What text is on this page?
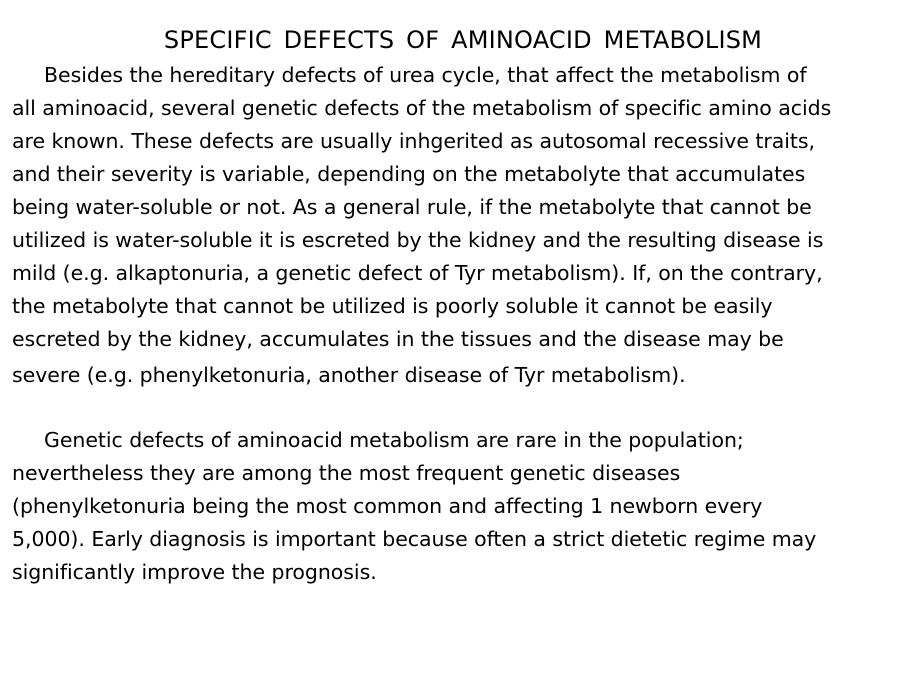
SPECIFIC DEFECTS OF AMINOACID METABOLISM
Besides the hereditary defects of urea cycle, that affect the metabolism of
all aminoacid, several genetic defects of the metabolism of specific amino acids
are known. These defects are usually inhgerited as autosomal recessive traits,
and their severity is variable, depending on the metabolyte that accumulates
being water-soluble or not. As a general rule, if the metabolyte that cannot be
utilized is water-soluble it is escreted by the kidney and the resulting disease is
mild (e.g. alkaptonuria, a genetic defect of Tyr metabolism). If, on the contrary,
the metabolyte that cannot be utilized is poorly soluble it cannot be easily
escreted by the kidney, accumulates in the tissues and the disease may be
severe (e.g. phenylketonuria, another disease of Tyr metabolism).
Genetic defects of aminoacid metabolism are rare in the population;
nevertheless they are among the most frequent genetic diseases
(phenylketonuria being the most common and affecting 1 newborn every
5,000). Early diagnosis is important because often a strict dietetic regime may
significantly improve the prognosis.
